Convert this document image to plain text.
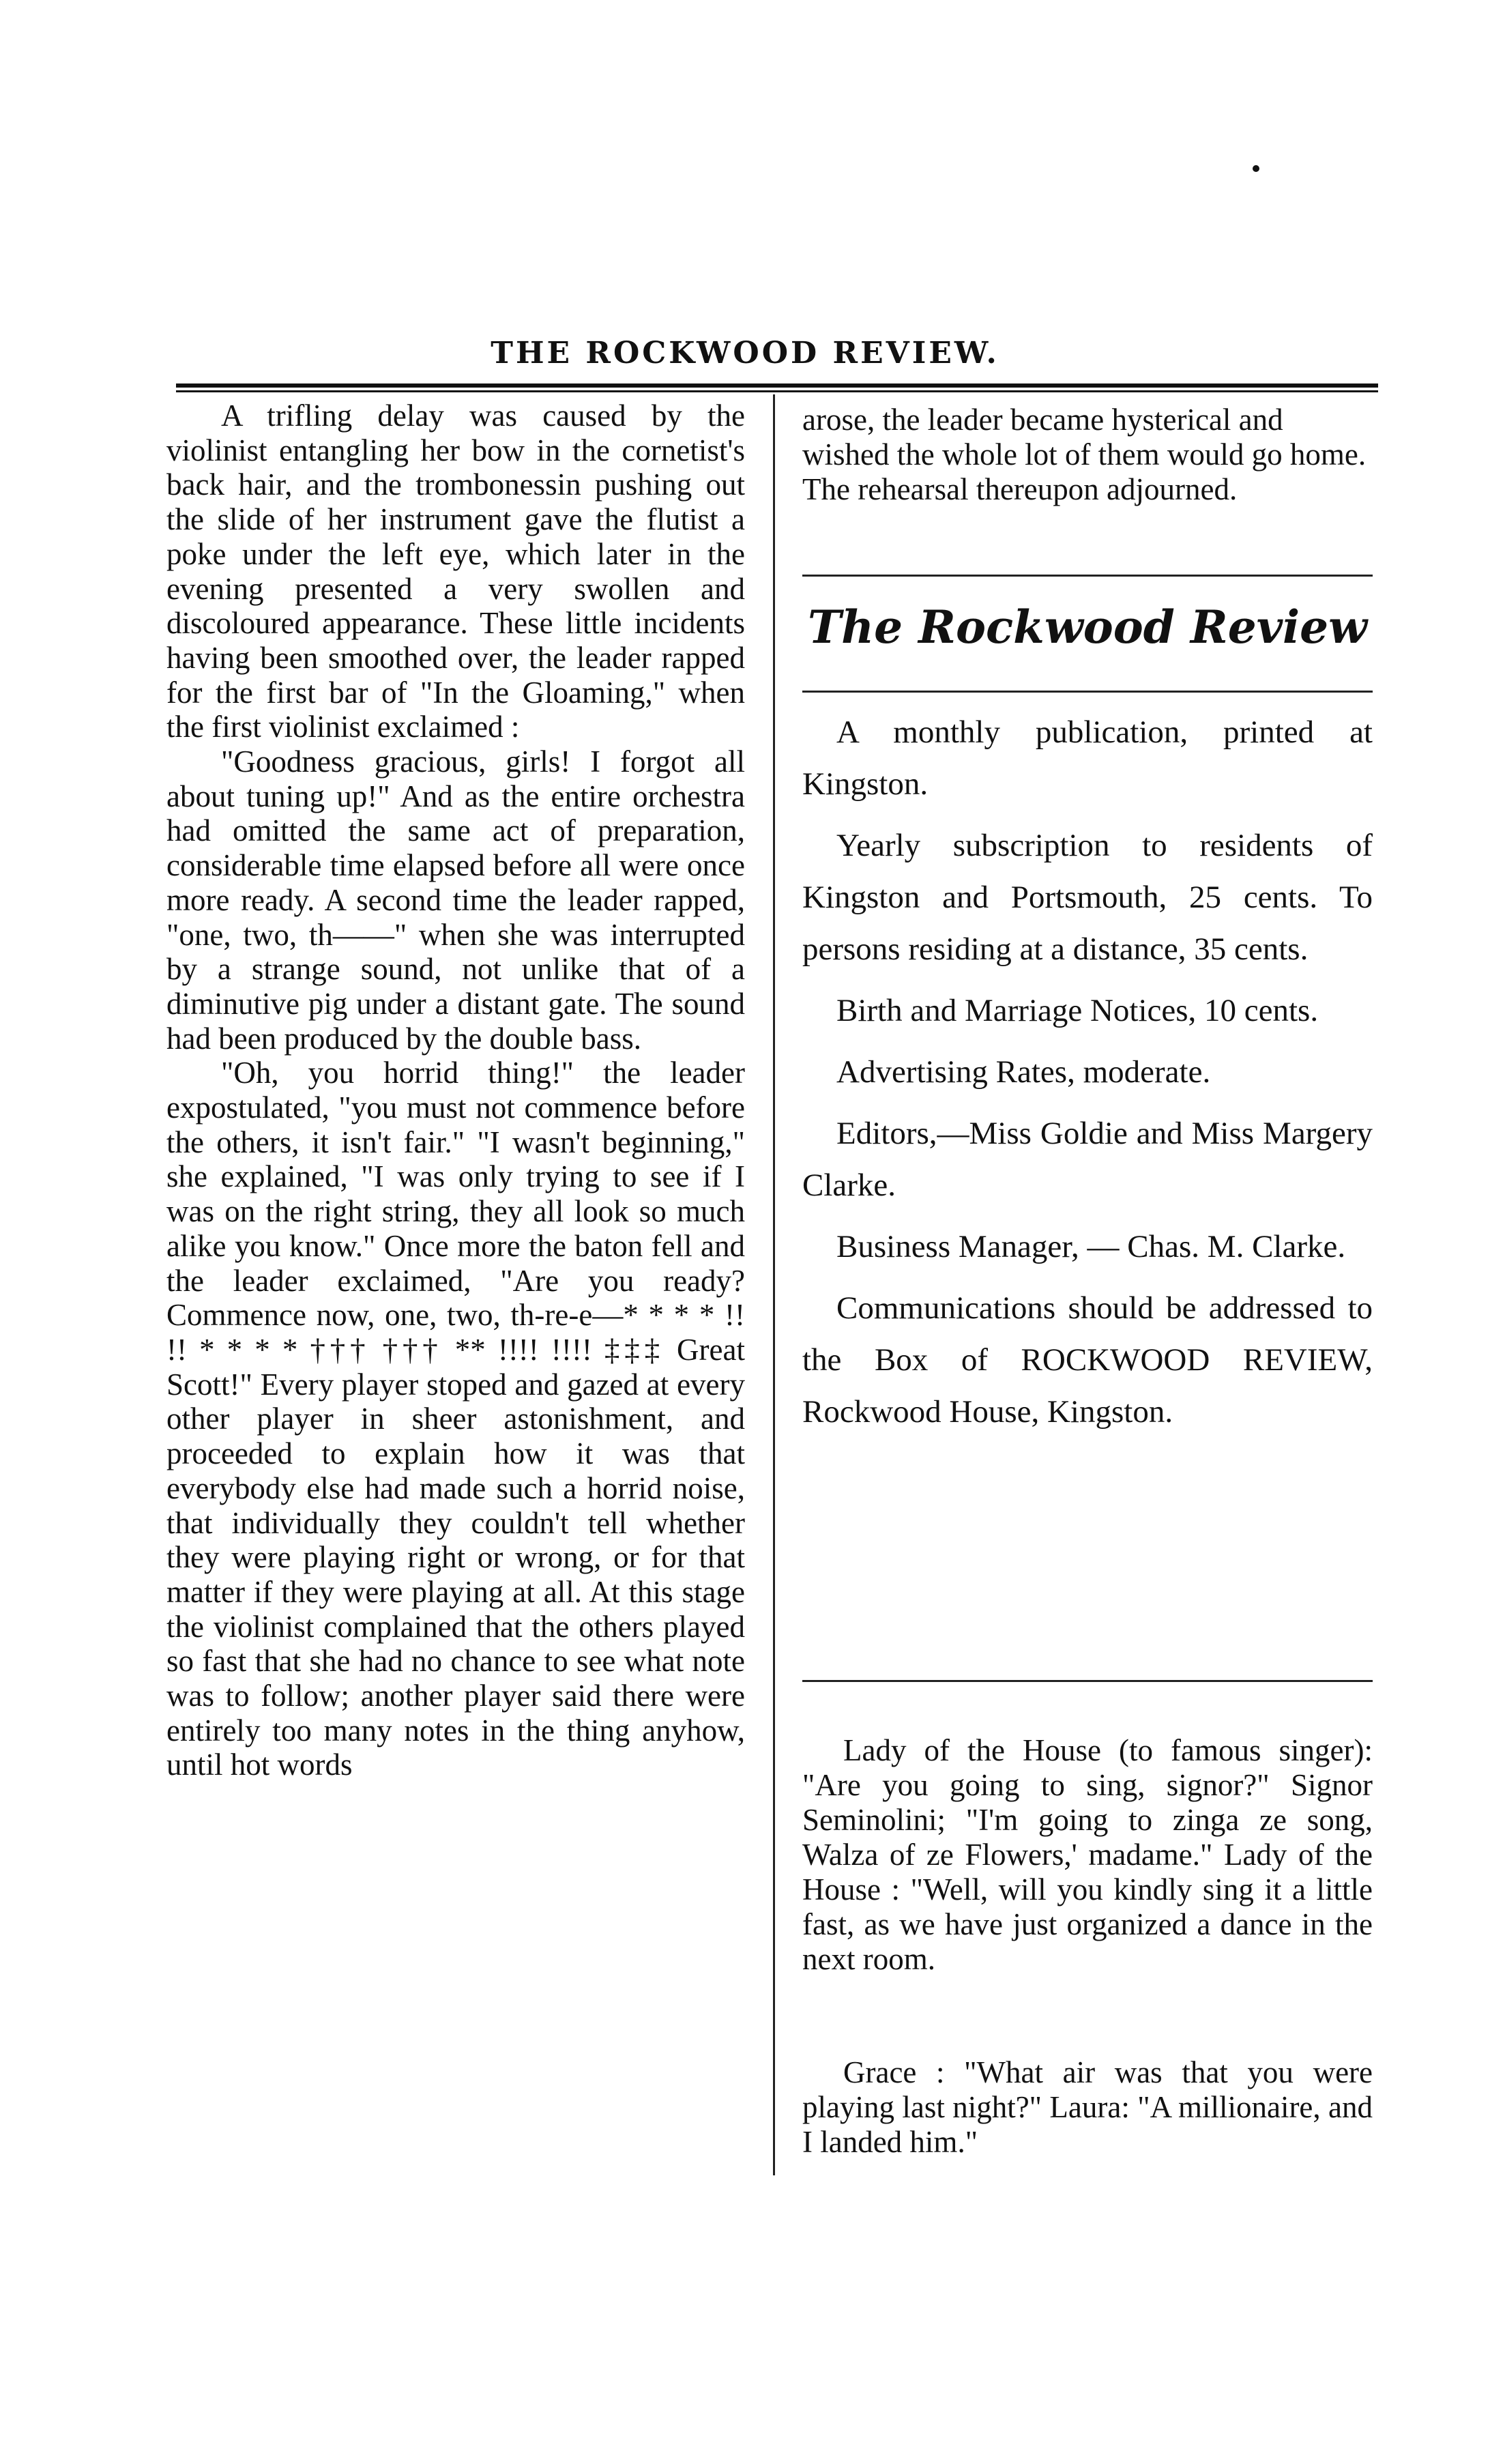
THE ROCKWOOD REVIEW.

A trifling delay was caused by the violinist entangling her bow in the cornetist's back hair, and the trombonessin pushing out the slide of her instrument gave the flutist a poke under the left eye, which later in the evening presented a very swollen and discoloured appearance. These little incidents having been smoothed over, the leader rapped for the first bar of "In the Gloaming," when the first violinist exclaimed :

"Goodness gracious, girls! I forgot all about tuning up!" And as the entire orchestra had omitted the same act of preparation, considerable time elapsed before all were once more ready. A second time the leader rapped, "one, two, th——" when she was interrupted by a strange sound, not unlike that of a diminutive pig under a distant gate. The sound had been produced by the double bass.

"Oh, you horrid thing!" the leader expostulated, "you must not commence before the others, it isn't fair." "I wasn't beginning," she explained, "I was only trying to see if I was on the right string, they all look so much alike you know." Once more the baton fell and the leader exclaimed, "Are you ready? Commence now, one, two, th-re-e—* * * * !! !! * * * * ††† ††† ** !!!! !!!! ‡‡‡ Great Scott!" Every player stoped and gazed at every other player in sheer astonishment, and proceeded to explain how it was that everybody else had made such a horrid noise, that individually they couldn't tell whether they were playing right or wrong, or for that matter if they were playing at all. At this stage the violinist complained that the others played so fast that she had no chance to see what note was to follow; another player said there were entirely too many notes in the thing anyhow, until hot words

arose, the leader became hysterical and wished the whole lot of them would go home. The rehearsal thereupon adjourned.

The Rockwood Review

A monthly publication, printed at Kingston.

Yearly subscription to residents of Kingston and Portsmouth, 25 cents. To persons residing at a distance, 35 cents.

Birth and Marriage Notices, 10 cents.

Advertising Rates, moderate.

Editors,—Miss Goldie and Miss Margery Clarke.

Business Manager, — Chas. M. Clarke.

Communications should be addressed to the Box of ROCKWOOD REVIEW, Rockwood House, Kingston.

Lady of the House (to famous singer): "Are you going to sing, signor?" Signor Seminolini; "I'm going to zinga ze song, Walza of ze Flowers,' madame." Lady of the House : "Well, will you kindly sing it a little fast, as we have just organized a dance in the next room.

Grace : "What air was that you were playing last night?" Laura: "A millionaire, and I landed him."
